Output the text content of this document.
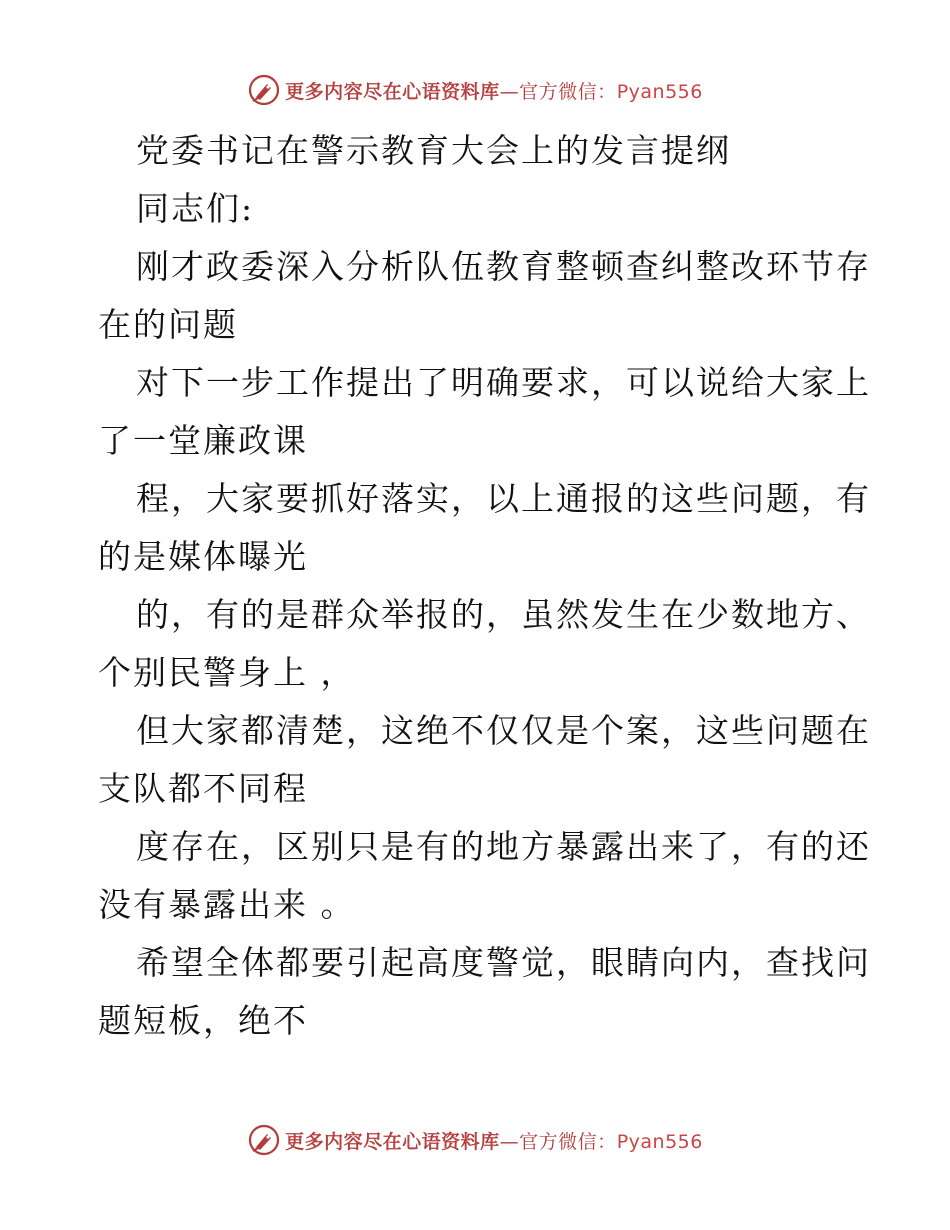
更多内容尽在心语资料库—官方微信：Pyan556
党委书记在警示教育大会上的发言提纲
同志们:

刚才政委深入分析队伍教育整顿查纠整改环节存
在的问题

对下一步工作提出了明确要求，可以说给大家上
了一堂廉政课

程，大家要抓好落实，以上通报的这些问题，有
的是媒体曝光

的，有的是群众举报的，虽然发生在少数地方、
个别民警身上 ，

但大家都清楚，这绝不仅仅是个案，这些问题在
支队都不同程

度存在，区别只是有的地方暴露出来了，有的还
没有暴露出来 。

希望全体都要引起高度警觉，眼睛向内，查找问
题短板，绝不

更多内容尽在心语资料库—官方微信：Pyan556
